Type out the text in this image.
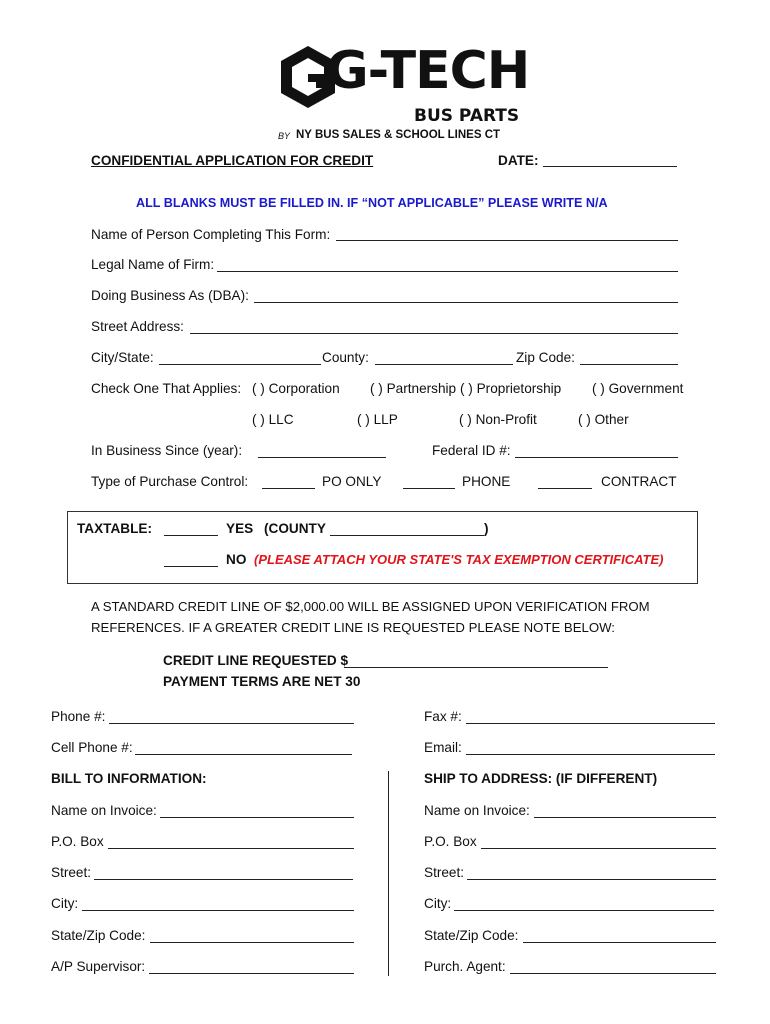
G-TECH
BUS PARTS
BY NY BUS SALES & SCHOOL LINES CT
CONFIDENTIAL APPLICATION FOR CREDIT	DATE:
ALL BLANKS MUST BE FILLED IN. IF “NOT APPLICABLE” PLEASE WRITE N/A
Name of Person Completing This Form:
Legal Name of Firm:
Doing Business As (DBA):
Street Address:
City/State:	County:	Zip Code:
Check One That Applies: ( ) Corporation ( ) Partnership ( ) Proprietorship ( ) Government
( ) LLC	( ) LLP	( ) Non-Profit	( ) Other
In Business Since (year):	Federal ID #:
Type of Purchase Control:	PO ONLY	PHONE	CONTRACT
TAXTABLE:	YES (COUNTY	)
NO (PLEASE ATTACH YOUR STATE'S TAX EXEMPTION CERTIFICATE)
A STANDARD CREDIT LINE OF $2,000.00 WILL BE ASSIGNED UPON VERIFICATION FROM
REFERENCES. IF A GREATER CREDIT LINE IS REQUESTED PLEASE NOTE BELOW:
CREDIT LINE REQUESTED $
PAYMENT TERMS ARE NET 30
Phone #:	Fax #:
Cell Phone #:	Email:
BILL TO INFORMATION:
Name on Invoice:
P.O. Box
Street:
City:
State/Zip Code:
A/P Supervisor:
SHIP TO ADDRESS: (IF DIFFERENT)
Name on Invoice:
P.O. Box
Street:
City:
State/Zip Code:
Purch. Agent:
